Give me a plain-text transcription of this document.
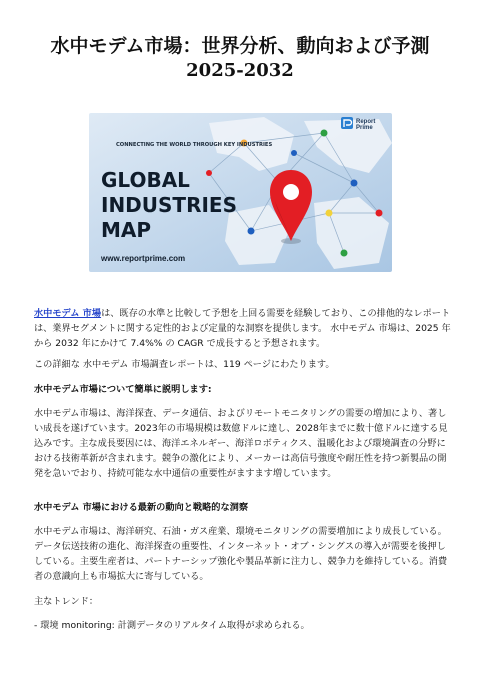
水中モデム市場：世界分析、動向および予測
2025-2032
Report
Prime
CONNECTING THE WORLD THROUGH KEY INDUSTRIES
GLOBAL
INDUSTRIES
MAP
www.reportprime.com

水中モデム 市場は、既存の水準と比較して予想を上回る需要を経験しており、この排他的なレポートは、業界セグメントに関する定性的および定量的な洞察を提供します。 水中モデム 市場は、2025 年から 2032 年にかけて 7.4%% の CAGR で成長すると予想されます。

この詳細な 水中モデム 市場調査レポートは、119 ページにわたります。

水中モデム市場について簡単に説明します:

水中モデム市場は、海洋探査、データ通信、およびリモートモニタリングの需要の増加により、著しい成長を遂げています。2023年の市場規模は数億ドルに達し、2028年までに数十億ドルに達する見込みです。主な成長要因には、海洋エネルギー、海洋ロボティクス、温暖化および環境調査の分野における技術革新が含まれます。競争の激化により、メーカーは高信号強度や耐圧性を持つ新製品の開発を急いでおり、持続可能な水中通信の重要性がますます増しています。

水中モデム 市場における最新の動向と戦略的な洞察

水中モデム市場は、海洋研究、石油・ガス産業、環境モニタリングの需要増加により成長している。データ伝送技術の進化、海洋探査の重要性、インターネット・オブ・シングスの導入が需要を後押ししている。主要生産者は、パートナーシップ強化や製品革新に注力し、競争力を維持している。消費者の意識向上も市場拡大に寄与している。

主なトレンド：

- 環境 monitoring: 計測データのリアルタイム取得が求められる。
